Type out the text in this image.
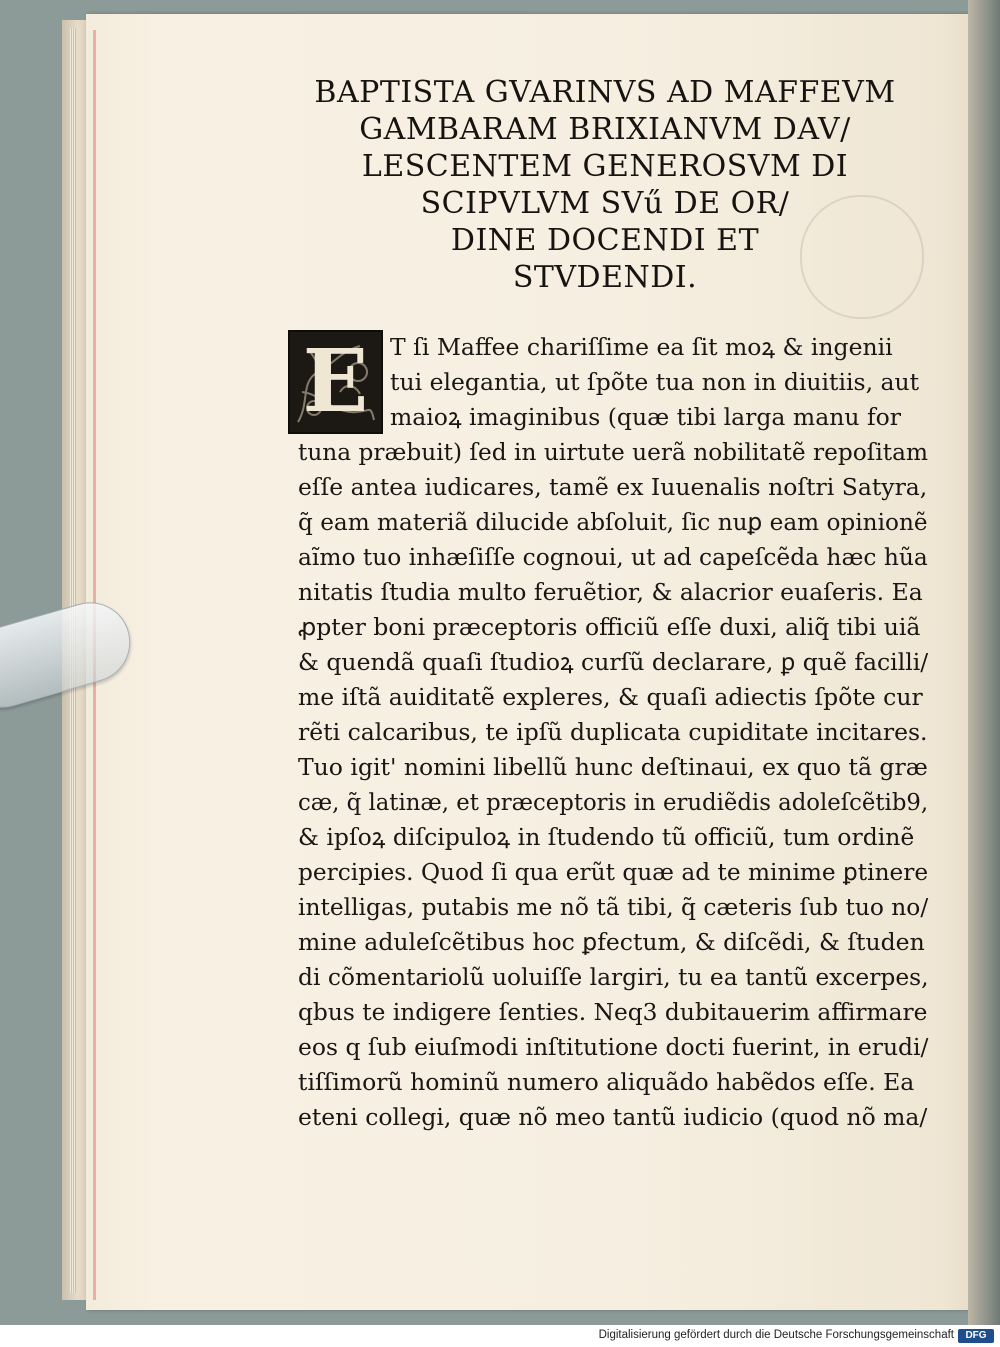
BAPTISTA GVARINVS AD MAFFEVM
GAMBARAM BRIXIANVM DAV/
LESCENTEM GENEROSVM DI
SCIPVLVM SVű DE OR/
DINE DOCENDI ET
STVDENDI.
E T ſi Maffee chariſſime ea ſit moꝝ & ingenii
tui elegantia, ut ſpõte tua non in diuitiis, aut
maioꝝ imaginibus (quæ tibi larga manu for
tuna præbuit) ſed in uirtute uerã nobilitatẽ repoſitam
eſſe antea iudicares, tamẽ ex Iuuenalis noſtri Satyra,
q̃ eam materiã dilucide abſoluit, ſic nuꝑ eam opinionẽ
aĩmo tuo inhæſiſſe cognoui, ut ad capeſcẽda hæc hũa
nitatis ſtudia multo feruẽtior, & alacrior euaſeris. Ea
ꝓpter boni præceptoris officiũ eſſe duxi, aliq̃ tibi uiã
& quendã quaſi ſtudioꝝ curſũ declarare, ꝑ quẽ facilli/
me iſtã auiditatẽ expleres, & quaſi adiectis ſpõte cur
rẽti calcaribus, te ipſũ duplicata cupiditate incitares.
Tuo igit' nomini libellũ hunc deſtinaui, ex quo tã græ
cæ, q̃ latinæ, et præceptoris in erudiẽdis adoleſcẽtib9,
& ipſoꝝ diſcipuloꝝ in ſtudendo tũ officiũ, tum ordinẽ
percipies. Quod ſi qua erũt quæ ad te minime ꝑtinere
intelligas, putabis me nõ tã tibi, q̃ cæteris ſub tuo no/
mine aduleſcẽtibus hoc ꝑfectum, & diſcẽdi, & ſtuden
di cõmentariolũ uoluiſſe largiri, tu ea tantũ excerpes,
qbus te indigere ſenties. Neq3 dubitauerim affirmare
eos q ſub eiuſmodi inſtitutione docti fuerint, in erudi/
tiſſimorũ hominũ numero aliquãdo habẽdos eſſe. Ea
eteni collegi, quæ nõ meo tantũ iudicio (quod nõ ma/
Digitalisierung gefördert durch die Deutsche Forschungsgemeinschaft	DFG
